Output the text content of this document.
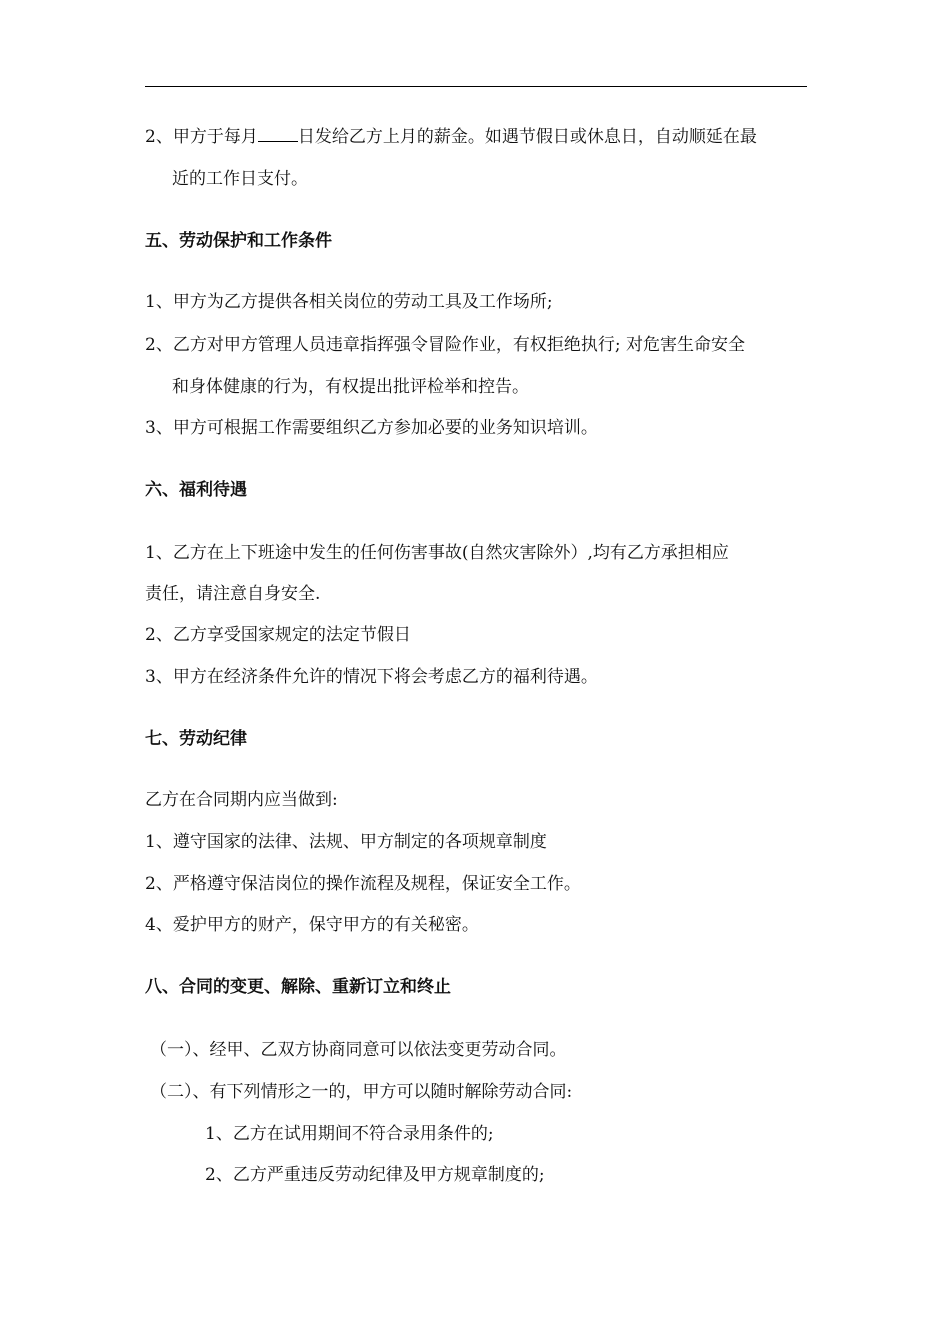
2、甲方于每月 日发给乙方上月的薪金。如遇节假日或休息日，自动顺延在最
近的工作日支付。
五、劳动保护和工作条件
1、甲方为乙方提供各相关岗位的劳动工具及工作场所;
2、乙方对甲方管理人员违章指挥强令冒险作业，有权拒绝执行; 对危害生命安全
和身体健康的行为，有权提出批评检举和控告。
3、甲方可根据工作需要组织乙方参加必要的业务知识培训。
六、福利待遇
1、乙方在上下班途中发生的任何伤害事故(自然灾害除外）,均有乙方承担相应
责任，请注意自身安全.
2、乙方享受国家规定的法定节假日
3、甲方在经济条件允许的情况下将会考虑乙方的福利待遇。
七、劳动纪律
乙方在合同期内应当做到:
1、遵守国家的法律、法规、甲方制定的各项规章制度
2、严格遵守保洁岗位的操作流程及规程，保证安全工作。
4、爱护甲方的财产，保守甲方的有关秘密。
八、合同的变更、解除、重新订立和终止
（一）、经甲、乙双方协商同意可以依法变更劳动合同。
（二）、有下列情形之一的，甲方可以随时解除劳动合同:
1、乙方在试用期间不符合录用条件的;
2、乙方严重违反劳动纪律及甲方规章制度的;
